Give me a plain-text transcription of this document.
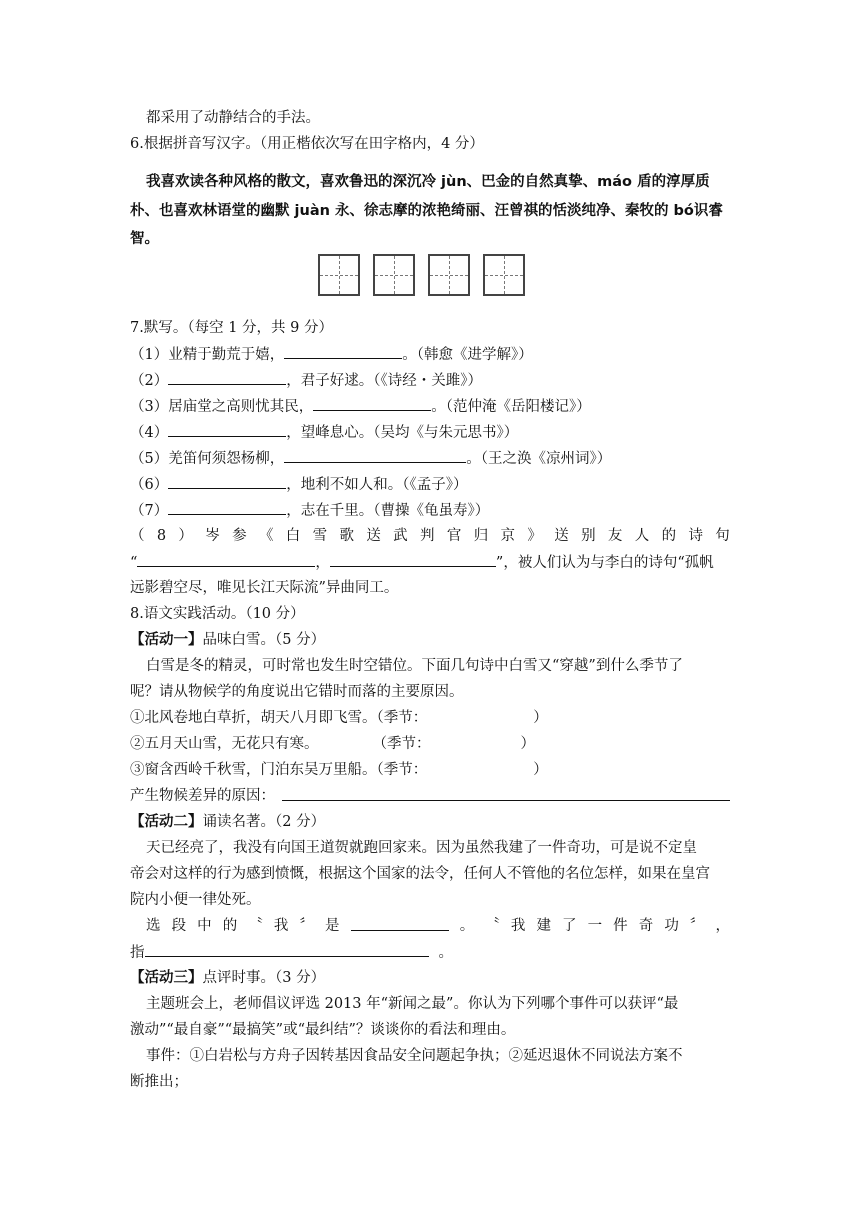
都采用了动静结合的手法。
6.根据拼音写汉字。（用正楷依次写在田字格内，4 分）
我喜欢读各种风格的散文，喜欢鲁迅的深沉冷 jùn、巴金的自然真挚、máo 盾的淳厚质
朴、也喜欢林语堂的幽默 juàn 永、徐志摩的浓艳绮丽、汪曾祺的恬淡纯净、秦牧的 bó识睿
智。
7.默写。（每空 1 分，共 9 分）
（1）业精于勤荒于嬉，	。（韩愈《进学解》）
（2）	，君子好逑。（《诗经・关雎》）
（3）居庙堂之高则忧其民，	。（范仲淹《岳阳楼记》）
（4）	，望峰息心。（吴均《与朱元思书》）
（5）羌笛何须怨杨柳，	。（王之涣《凉州词》）
（6）	，地利不如人和。（《孟子》）
（7）	，志在千里。（曹操《龟虽寿》）
（ 8 ） 岑 参 《 白 雪 歌 送 武 判 官 归 京 》 送 别 友 人 的 诗 句
“	，	”，被人们认为与李白的诗句“孤帆
远影碧空尽，唯见长江天际流”异曲同工。
8.语文实践活动。（10 分）
【活动一】品味白雪。（5 分）
白雪是冬的精灵，可时常也发生时空错位。下面几句诗中白雪又“穿越”到什么季节了
呢？请从物候学的角度说出它错时而落的主要原因。
①北风卷地白草折，胡天八月即飞雪。（季节：	）
②五月天山雪，无花只有寒。	（季节：	）
③窗含西岭千秋雪，门泊东吴万里船。（季节：	）
产生物候差异的原因：
【活动二】诵读名著。（2 分）
天已经亮了，我没有向国王道贺就跑回家来。因为虽然我建了一件奇功，可是说不定皇
帝会对这样的行为感到愤慨，根据这个国家的法令，任何人不管他的名位怎样，如果在皇宫
院内小便一律处死。
选 段 中 的 〝 我 〞 是	。 〝 我 建 了 一 件 奇 功 〞 ，
指	。
【活动三】点评时事。（3 分）
主题班会上，老师倡议评选 2013 年“新闻之最”。你认为下列哪个事件可以获评“最
激动”“最自豪”“最搞笑”或“最纠结”？谈谈你的看法和理由。
事件：①白岩松与方舟子因转基因食品安全问题起争执；②延迟退休不同说法方案不
断推出；
